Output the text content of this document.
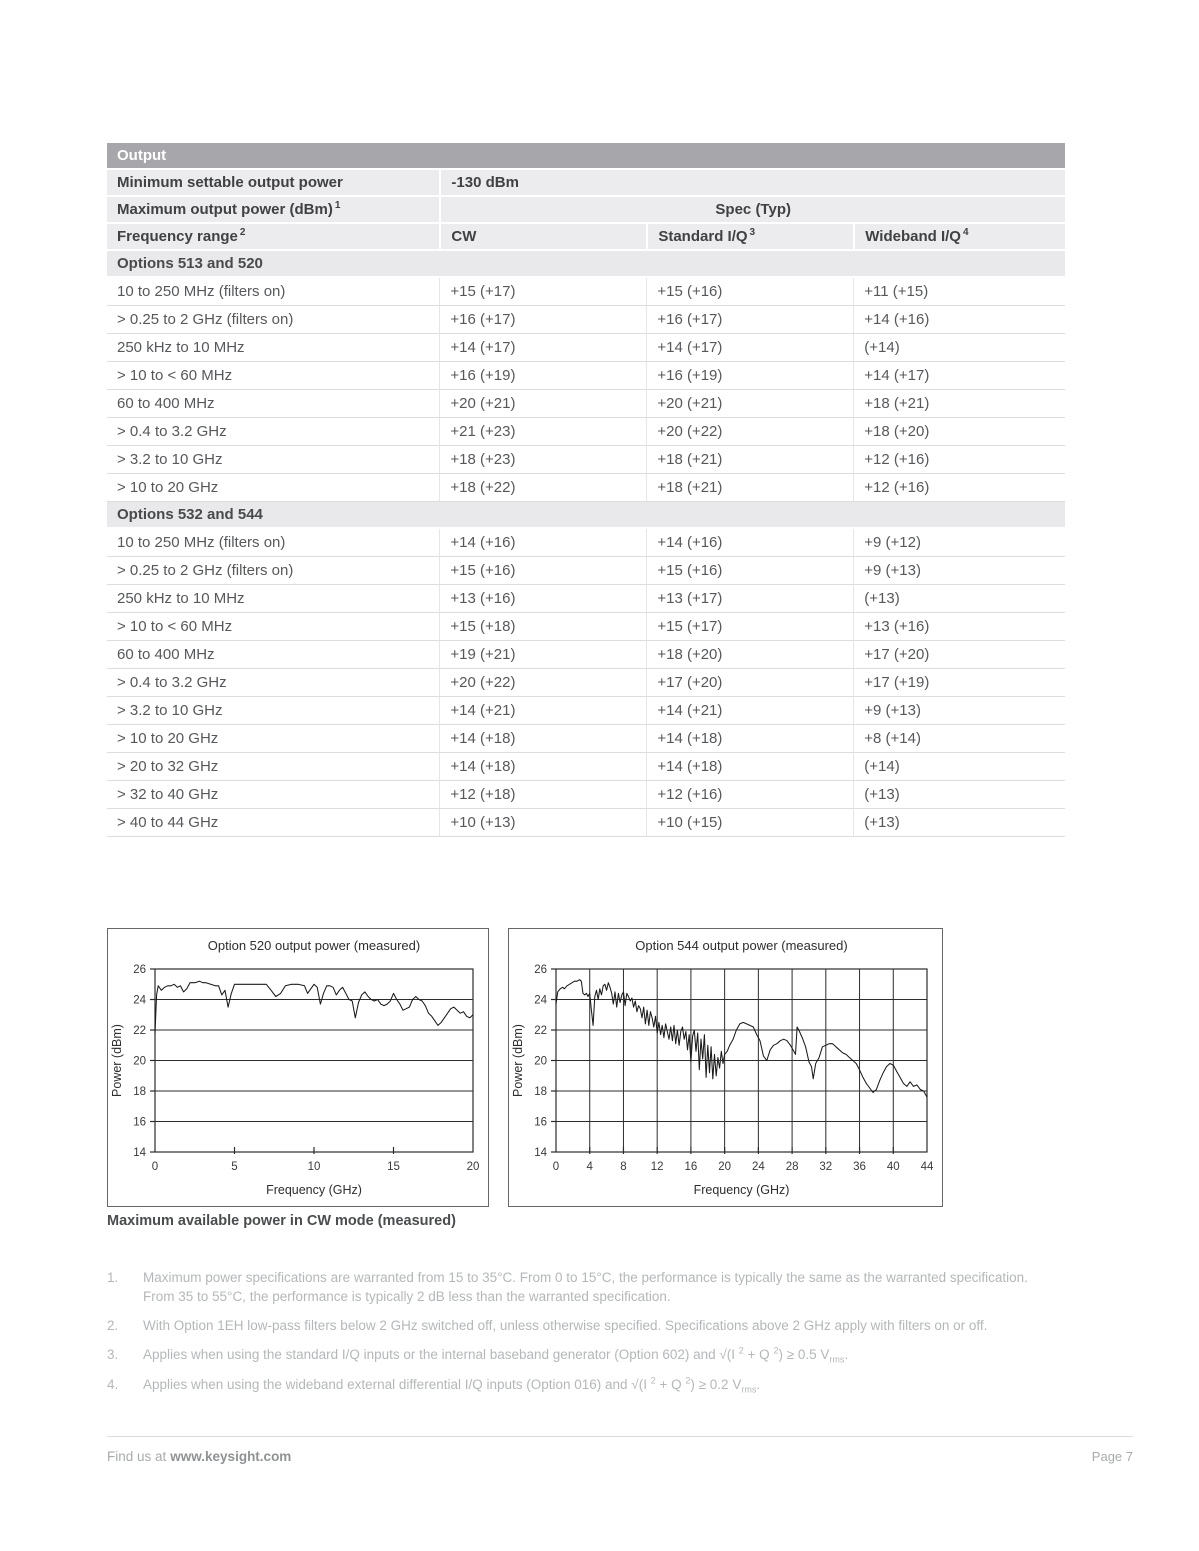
Output			
Minimum settable output power	-130 dBm		
Maximum output power (dBm) $^1$	Spec (Typ)		
Frequency range $^2$	CW	Standard I/Q $^3$	Wideband I/Q $^4$
Options 513 and 520			
10 to 250 MHz (filters on)	+15 (+17)	+15 (+16)	+11 (+15)
> 0.25 to 2 GHz (filters on)	+16 (+17)	+16 (+17)	+14 (+16)
250 kHz to 10 MHz	+14 (+17)	+14 (+17)	(+14)
> 10 to < 60 MHz	+16 (+19)	+16 (+19)	+14 (+17)
60 to 400 MHz	+20 (+21)	+20 (+21)	+18 (+21)
> 0.4 to 3.2 GHz	+21 (+23)	+20 (+22)	+18 (+20)
> 3.2 to 10 GHz	+18 (+23)	+18 (+21)	+12 (+16)
> 10 to 20 GHz	+18 (+22)	+18 (+21)	+12 (+16)
Options 532 and 544			
10 to 250 MHz (filters on)	+14 (+16)	+14 (+16)	+9 (+12)
> 0.25 to 2 GHz (filters on)	+15 (+16)	+15 (+16)	+9 (+13)
250 kHz to 10 MHz	+13 (+16)	+13 (+17)	(+13)
> 10 to < 60 MHz	+15 (+18)	+15 (+17)	+13 (+16)
60 to 400 MHz	+19 (+21)	+18 (+20)	+17 (+20)
> 0.4 to 3.2 GHz	+20 (+22)	+17 (+20)	+17 (+19)
> 3.2 to 10 GHz	+14 (+21)	+14 (+21)	+9 (+13)
> 10 to 20 GHz	+14 (+18)	+14 (+18)	+8 (+14)
> 20 to 32 GHz	+14 (+18)	+14 (+18)	(+14)
> 32 to 40 GHz	+12 (+18)	+12 (+16)	(+13)
> 40 to 44 GHz	+10 (+13)	+10 (+15)	(+13)
Option 520 output power (measured)
14
16
18
20
22
24
26
0	5	10	15	20
Frequency (GHz)
Power (dBm)
Option 544 output power (measured)
14
16
18
20
22
24
26
0 4 8 12 16 20 24 28 32 36 40 44
Frequency (GHz)
Power (dBm)
Maximum available power in CW mode (measured)
1.	Maximum power specifications are warranted from 15 to 35°C. From 0 to 15°C, the performance is typically the same as the warranted specification. From 35 to 55°C, the performance is typically 2 dB less than the warranted specification.
2.	With Option 1EH low-pass filters below 2 GHz switched off, unless otherwise specified. Specifications above 2 GHz apply with filters on or off.
3.	Applies when using the standard I/Q inputs or the internal baseband generator (Option 602) and √(I $^2$ + Q $^2$) ≥ 0.5 $V_{rms}$.
4.	Applies when using the wideband external differential I/Q inputs (Option 016) and √(I $^2$ + Q $^2$) ≥ 0.2 $V_{rms}$.
Find us at www.keysight.com	Page 7
